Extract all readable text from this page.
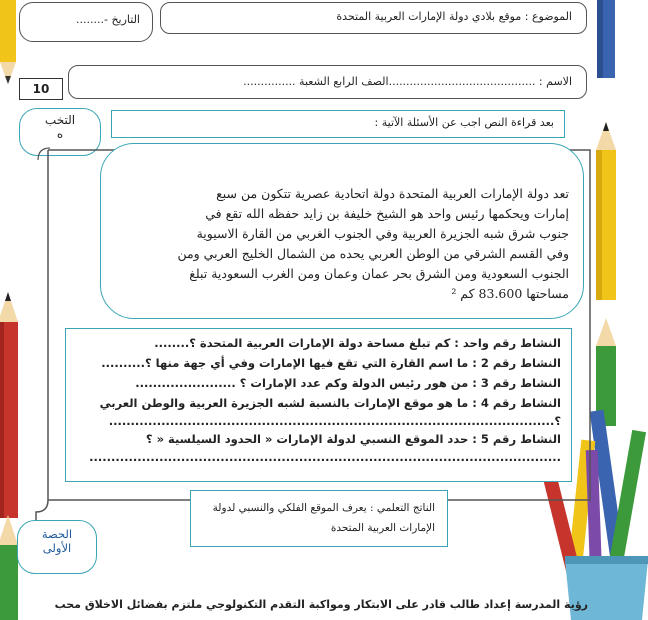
الموضوع : موقع بلادي دولة الإمارات العربية المتحدة
التاريخ -........
10
الاسم : ..........................................الصف الرابع الشعبة ...............
التخب
ه
بعد قراءة النص اجب عن الأسئلة الآتية :
تعد دولة الإمارات العربية المتحدة دولة اتحادية عصرية تتكون من سبع
إمارات ويحكمها رئيس واحد هو الشيخ خليفة بن زايد حفظه الله تقع في
جنوب شرق شبه الجزيرة العربية وفي الجنوب الغربي من القارة الاسيوية
وفي القسم الشرقي من الوطن العربي يحده من الشمال الخليج العربي ومن
الجنوب السعودية ومن الشرق بحر عمان وعمان ومن الغرب السعودية تبلغ
مساحتها 83.600 كم ²

النشاط رقم واحد : كم تبلغ مساحة دولة الإمارات العربية المتحدة ؟........

النشاط رقم 2 : ما اسم القارة التي تقع فيها الإمارات وفي أي جهة منها ؟..........

النشاط رقم 3 : من هور رئيس الدولة وكم عدد الإمارات ؟ .......................

النشاط رقم 4 : ما هو موقع الإمارات بالنسبة لشبه الجزيرة العربية والوطن العربي

؟......................................................................................................

النشاط رقم 5 : حدد الموقع النسبي لدولة الإمارات « الحدود السيلسية « ؟

............................................................................................................

الناتج التعلمي : يعرف الموقع الفلكي والنسبي لدولة
الإمارات العربية المتحدة
الحصة
الأولى
رؤية المدرسة إعداد طالب قادر على الابتكار ومواكبة التقدم التكنولوجي ملتزم بفضائل الاخلاق محب
